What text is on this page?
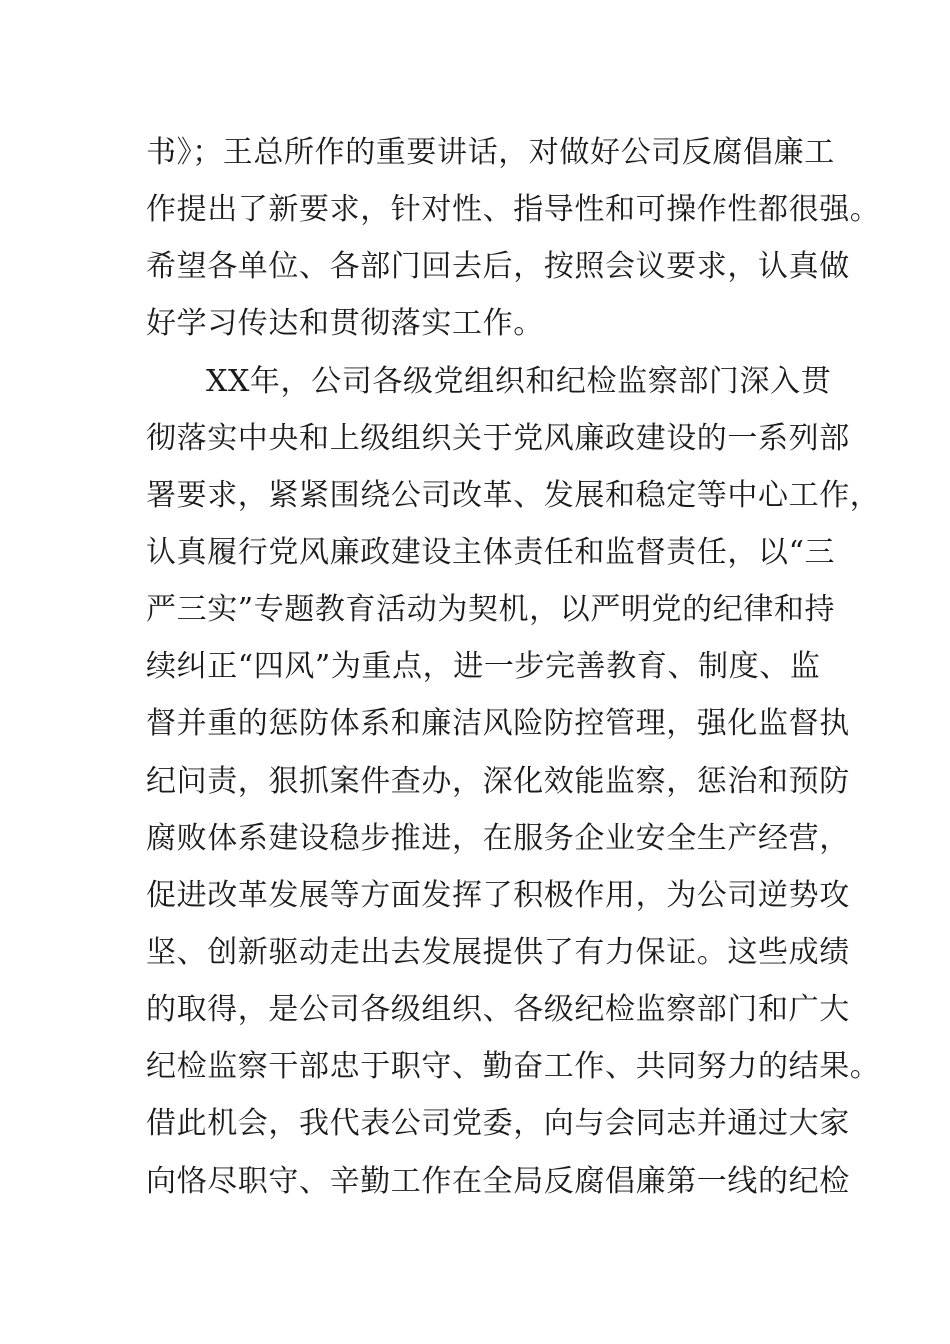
书》；王总所作的重要讲话，对做好公司反腐倡廉工
作提出了新要求，针对性、指导性和可操作性都很强。
希望各单位、各部门回去后，按照会议要求，认真做
好学习传达和贯彻落实工作。
XX年，公司各级党组织和纪检监察部门深入贯
彻落实中央和上级组织关于党风廉政建设的一系列部
署要求，紧紧围绕公司改革、发展和稳定等中心工作，
认真履行党风廉政建设主体责任和监督责任，以“三
严三实”专题教育活动为契机，以严明党的纪律和持
续纠正“四风”为重点，进一步完善教育、制度、监
督并重的惩防体系和廉洁风险防控管理，强化监督执
纪问责，狠抓案件查办，深化效能监察，惩治和预防
腐败体系建设稳步推进，在服务企业安全生产经营，
促进改革发展等方面发挥了积极作用，为公司逆势攻
坚、创新驱动走出去发展提供了有力保证。这些成绩
的取得，是公司各级组织、各级纪检监察部门和广大
纪检监察干部忠于职守、勤奋工作、共同努力的结果。
借此机会，我代表公司党委，向与会同志并通过大家
向恪尽职守、辛勤工作在全局反腐倡廉第一线的纪检
